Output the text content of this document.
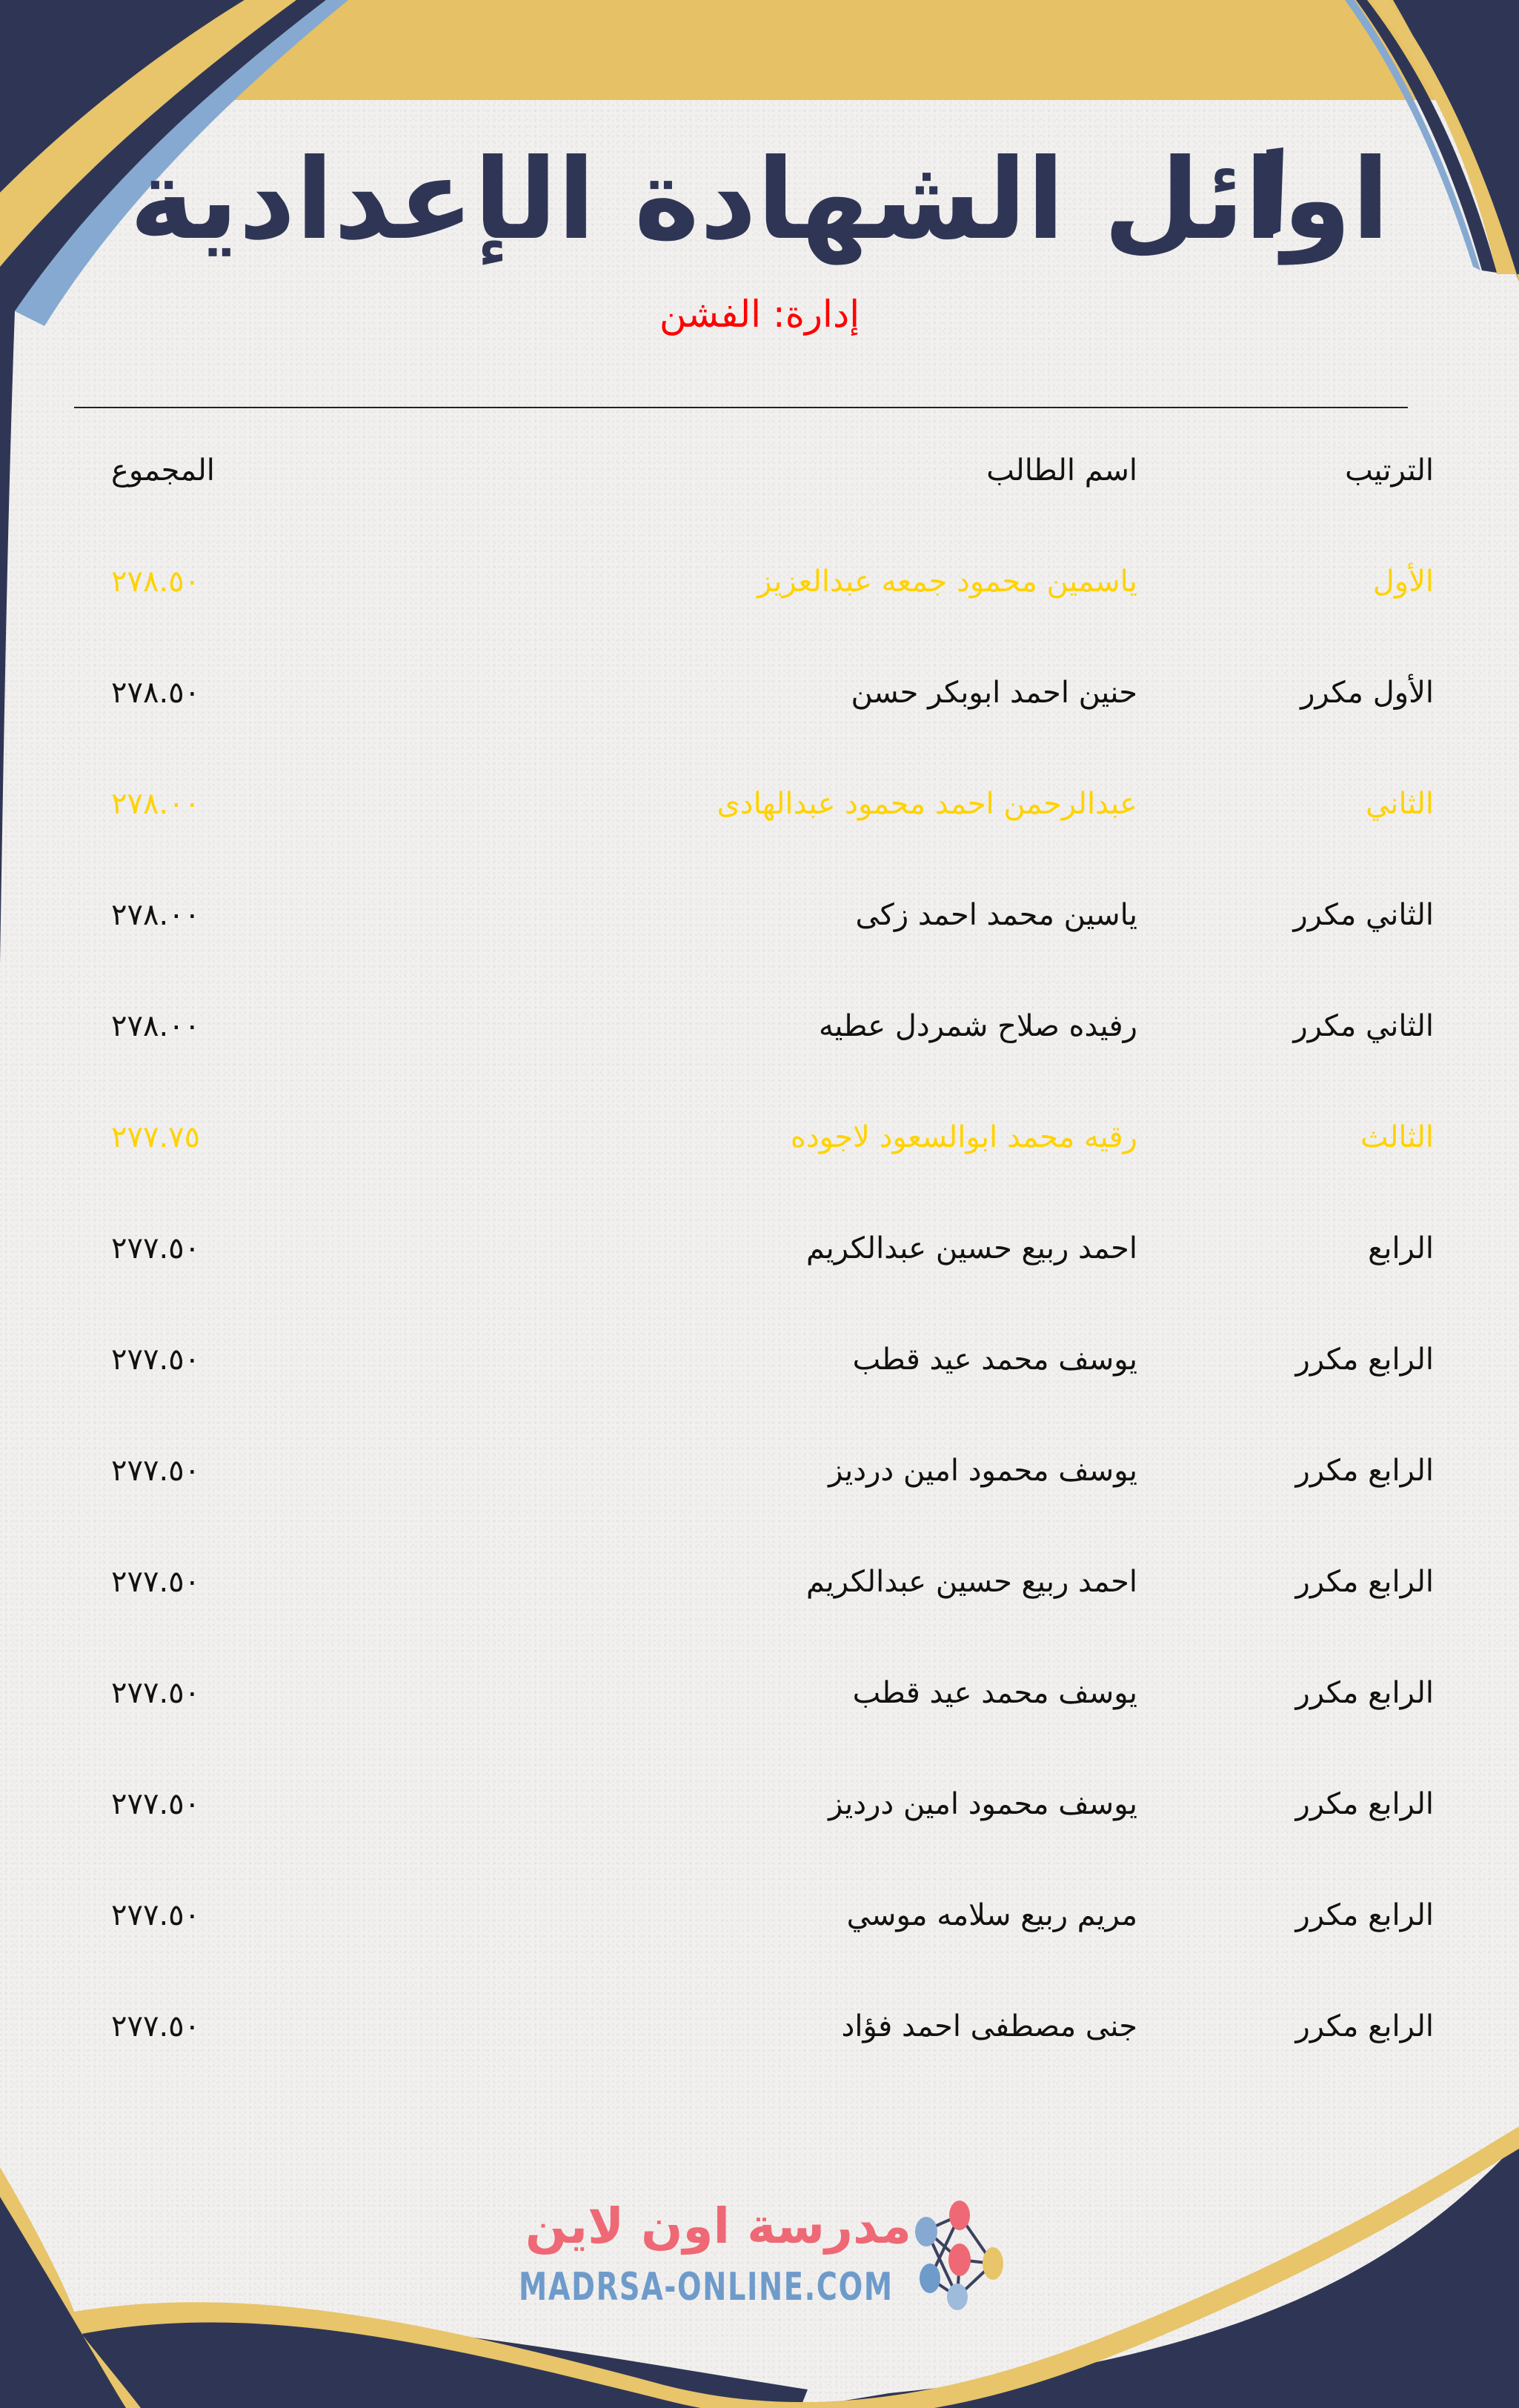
اوائل الشهادة الإعدادية
إدارة: الفشن
الترتيب
اسم الطالب
المجموع
الأول
ياسمين محمود جمعه عبدالعزيز
٢٧٨.٥٠
الأول مكرر
حنين احمد ابوبكر حسن
٢٧٨.٥٠
الثاني
عبدالرحمن احمد محمود عبدالهادى
٢٧٨.٠٠
الثاني مكرر
ياسين محمد احمد زكى
٢٧٨.٠٠
الثاني مكرر
رفيده صلاح شمردل عطيه
٢٧٨.٠٠
الثالث
رقيه محمد ابوالسعود لاجوده
٢٧٧.٧٥
الرابع
احمد ربيع حسين عبدالكريم
٢٧٧.٥٠
الرابع مكرر
يوسف محمد عيد قطب
٢٧٧.٥٠
الرابع مكرر
يوسف محمود امين درديز
٢٧٧.٥٠
الرابع مكرر
احمد ربيع حسين عبدالكريم
٢٧٧.٥٠
الرابع مكرر
يوسف محمد عيد قطب
٢٧٧.٥٠
الرابع مكرر
يوسف محمود امين درديز
٢٧٧.٥٠
الرابع مكرر
مريم ربيع سلامه موسي
٢٧٧.٥٠
الرابع مكرر
جنى مصطفى احمد فؤاد
٢٧٧.٥٠
مدرسة اون لاين
MADRSA-ONLINE.COM
